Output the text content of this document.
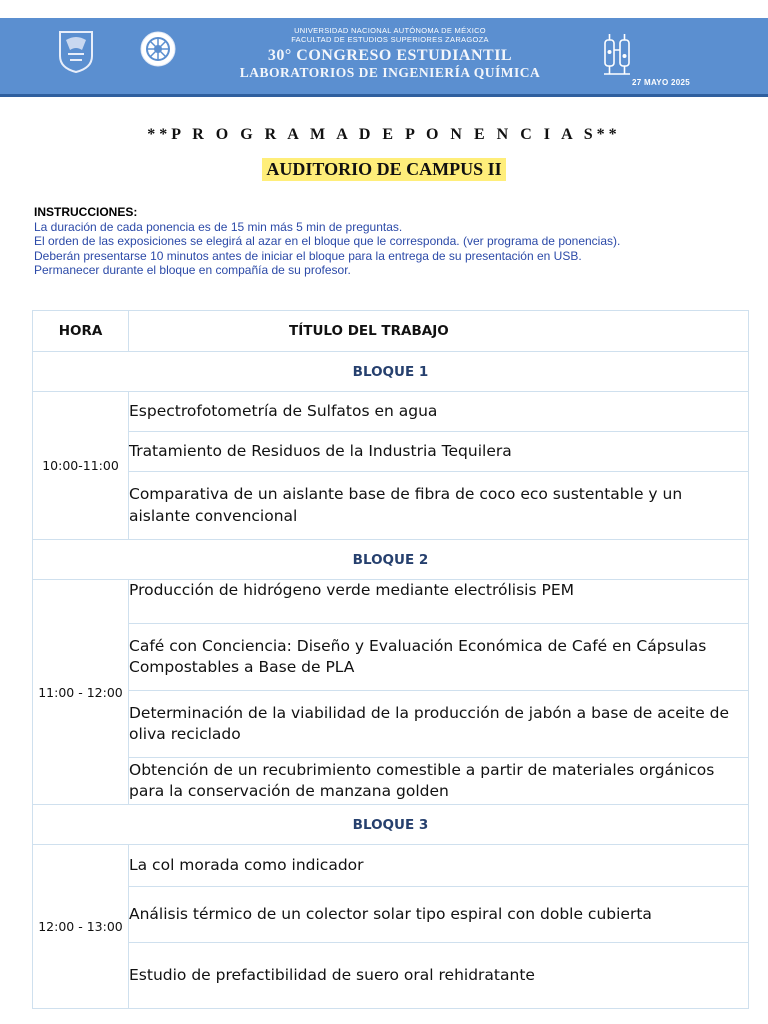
UNIVERSIDAD NACIONAL AUTÓNOMA DE MÉXICO
FACULTAD DE ESTUDIOS SUPERIORES ZARAGOZA
30° CONGRESO ESTUDIANTIL
LABORATORIOS DE INGENIERÍA QUÍMICA
27 MAYO 2025
**P R O G R A M A D E P O N E N C I A S**
AUDITORIO DE CAMPUS II
INSTRUCCIONES:
La duración de cada ponencia es de 15 min más 5 min de preguntas.
El orden de las exposiciones se elegirá al azar en el bloque que le corresponda. (ver programa de ponencias).
Deberán presentarse 10 minutos antes de iniciar el bloque para la entrega de su presentación en USB.
Permanecer durante el bloque en compañía de su profesor.
HORA	TÍTULO DEL TRABAJO
BLOQUE 1	
10:00-11:00	Espectrofotometría de Sulfatos en agua
	Tratamiento de Residuos de la Industria Tequilera
	Comparativa de un aislante base de fibra de coco eco sustentable y un aislante convencional
BLOQUE 2	
11:00 - 12:00	Producción de hidrógeno verde mediante electrólisis PEM
	Café con Conciencia: Diseño y Evaluación Económica de Café en Cápsulas Compostables a Base de PLA
	Determinación de la viabilidad de la producción de jabón a base de aceite de oliva reciclado
	Obtención de un recubrimiento comestible a partir de materiales orgánicos para la conservación de manzana golden
BLOQUE 3	
12:00 - 13:00	La col morada como indicador
	Análisis térmico de un colector solar tipo espiral con doble cubierta
	Estudio de prefactibilidad de suero oral rehidratante
